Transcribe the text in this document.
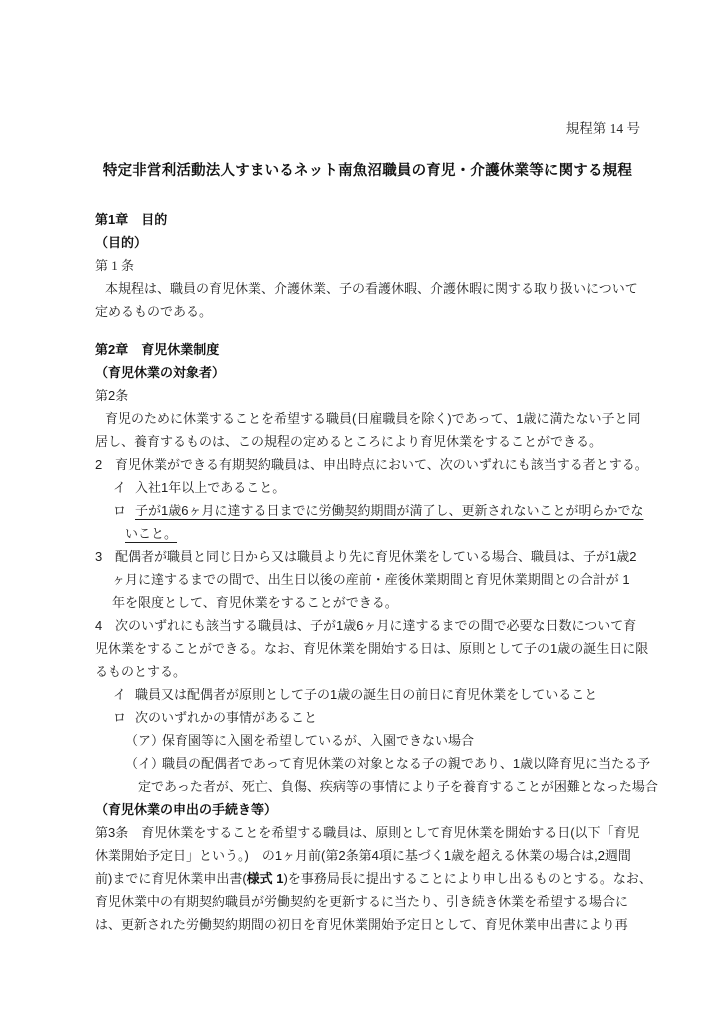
規程第 14 号
特定非営利活動法人すまいるネット南魚沼職員の育児・介護休業等に関する規程
第1章　目的
（目的）
第 1 条
本規程は、職員の育児休業、介護休業、子の看護休暇、介護休暇に関する取り扱いについて
定めるものである。
第2章　育児休業制度
（育児休業の対象者）
第2条
育児のために休業することを希望する職員(日雇職員を除く)であって、1歳に満たない子と同
居し、養育するものは、この規程の定めるところにより育児休業をすることができる。
2 育児休業ができる有期契約職員は、申出時点において、次のいずれにも該当する者とする。
イ 入社1年以上であること。
ロ 子が1歳6ヶ月に達する日までに労働契約期間が満了し、更新されないことが明らかでな
いこと。
3 配偶者が職員と同じ日から又は職員より先に育児休業をしている場合、職員は、子が1歳2
ヶ月に達するまでの間で、出生日以後の産前・産後休業期間と育児休業期間との合計が 1
年を限度として、育児休業をすることができる。
4 次のいずれにも該当する職員は、子が1歳6ヶ月に達するまでの間で必要な日数について育
児休業をすることができる。なお、育児休業を開始する日は、原則として子の1歳の誕生日に限
るものとする。
イ 職員又は配偶者が原則として子の1歳の誕生日の前日に育児休業をしていること
ロ 次のいずれかの事情があること
（ア）
保育園等に入園を希望しているが、入園できない場合
（イ）
職員の配偶者であって育児休業の対象となる子の親であり、1歳以降育児に当たる予
定であった者が、死亡、負傷、疾病等の事情により子を養育することが困難となった場合
（育児休業の申出の手続き等）
第3条　育児休業をすることを希望する職員は、原則として育児休業を開始する日(以下「育児
休業開始予定日」という。)　の1ヶ月前(第2条第4項に基づく1歳を超える休業の場合は,2週間
前)までに育児休業申出書(様式 1)を事務局長に提出することにより申し出るものとする。なお、
育児休業中の有期契約職員が労働契約を更新するに当たり、引き続き休業を希望する場合に
は、更新された労働契約期間の初日を育児休業開始予定日として、育児休業申出書により再
